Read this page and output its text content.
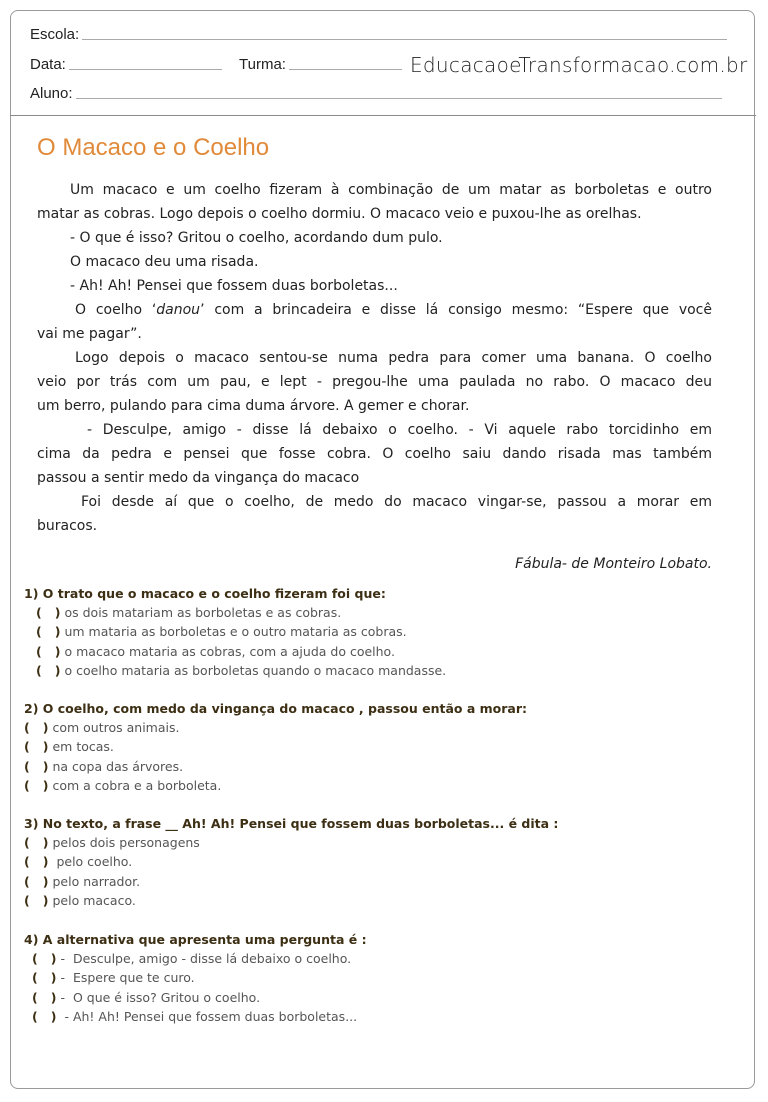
Escola:
Data:	Turma:
Aluno:
EducacaoeTransformacao.com.br
O Macaco e o Coelho
Um macaco e um coelho fizeram à combinação de um matar as borboletas e outro
matar as cobras. Logo depois o coelho dormiu. O macaco veio e puxou-lhe as orelhas.
- O que é isso? Gritou o coelho, acordando dum pulo.
O macaco deu uma risada.
- Ah! Ah! Pensei que fossem duas borboletas...
O coelho ‘danou’ com a brincadeira e disse lá consigo mesmo: “Espere que você
vai me pagar”.
Logo depois o macaco sentou-se numa pedra para comer uma banana. O coelho
veio por trás com um pau, e lept - pregou-lhe uma paulada no rabo. O macaco deu
um berro, pulando para cima duma árvore. A gemer e chorar.
- Desculpe, amigo - disse lá debaixo o coelho. - Vi aquele rabo torcidinho em
cima da pedra e pensei que fosse cobra. O coelho saiu dando risada mas também
passou a sentir medo da vingança do macaco
Foi desde aí que o coelho, de medo do macaco vingar-se, passou a morar em
buracos.
Fábula- de Monteiro Lobato.
1) O trato que o macaco e o coelho fizeram foi que:
(   ) os dois matariam as borboletas e as cobras.
(   ) um mataria as borboletas e o outro mataria as cobras.
(   ) o macaco mataria as cobras, com a ajuda do coelho.
(   ) o coelho mataria as borboletas quando o macaco mandasse.
2) O coelho, com medo da vingança do macaco , passou então a morar:
(   ) com outros animais.
(   ) em tocas.
(   ) na copa das árvores.
(   ) com a cobra e a borboleta.
3) No texto, a frase __ Ah! Ah! Pensei que fossem duas borboletas... é dita :
(   ) pelos dois personagens
(   ) pelo coelho.
(   ) pelo narrador.
(   ) pelo macaco.
4) A alternativa que apresenta uma pergunta é :
(   ) -  Desculpe, amigo - disse lá debaixo o coelho.
(   ) -  Espere que te curo.
(   ) -  O que é isso? Gritou o coelho.
(   ) - Ah! Ah! Pensei que fossem duas borboletas...
